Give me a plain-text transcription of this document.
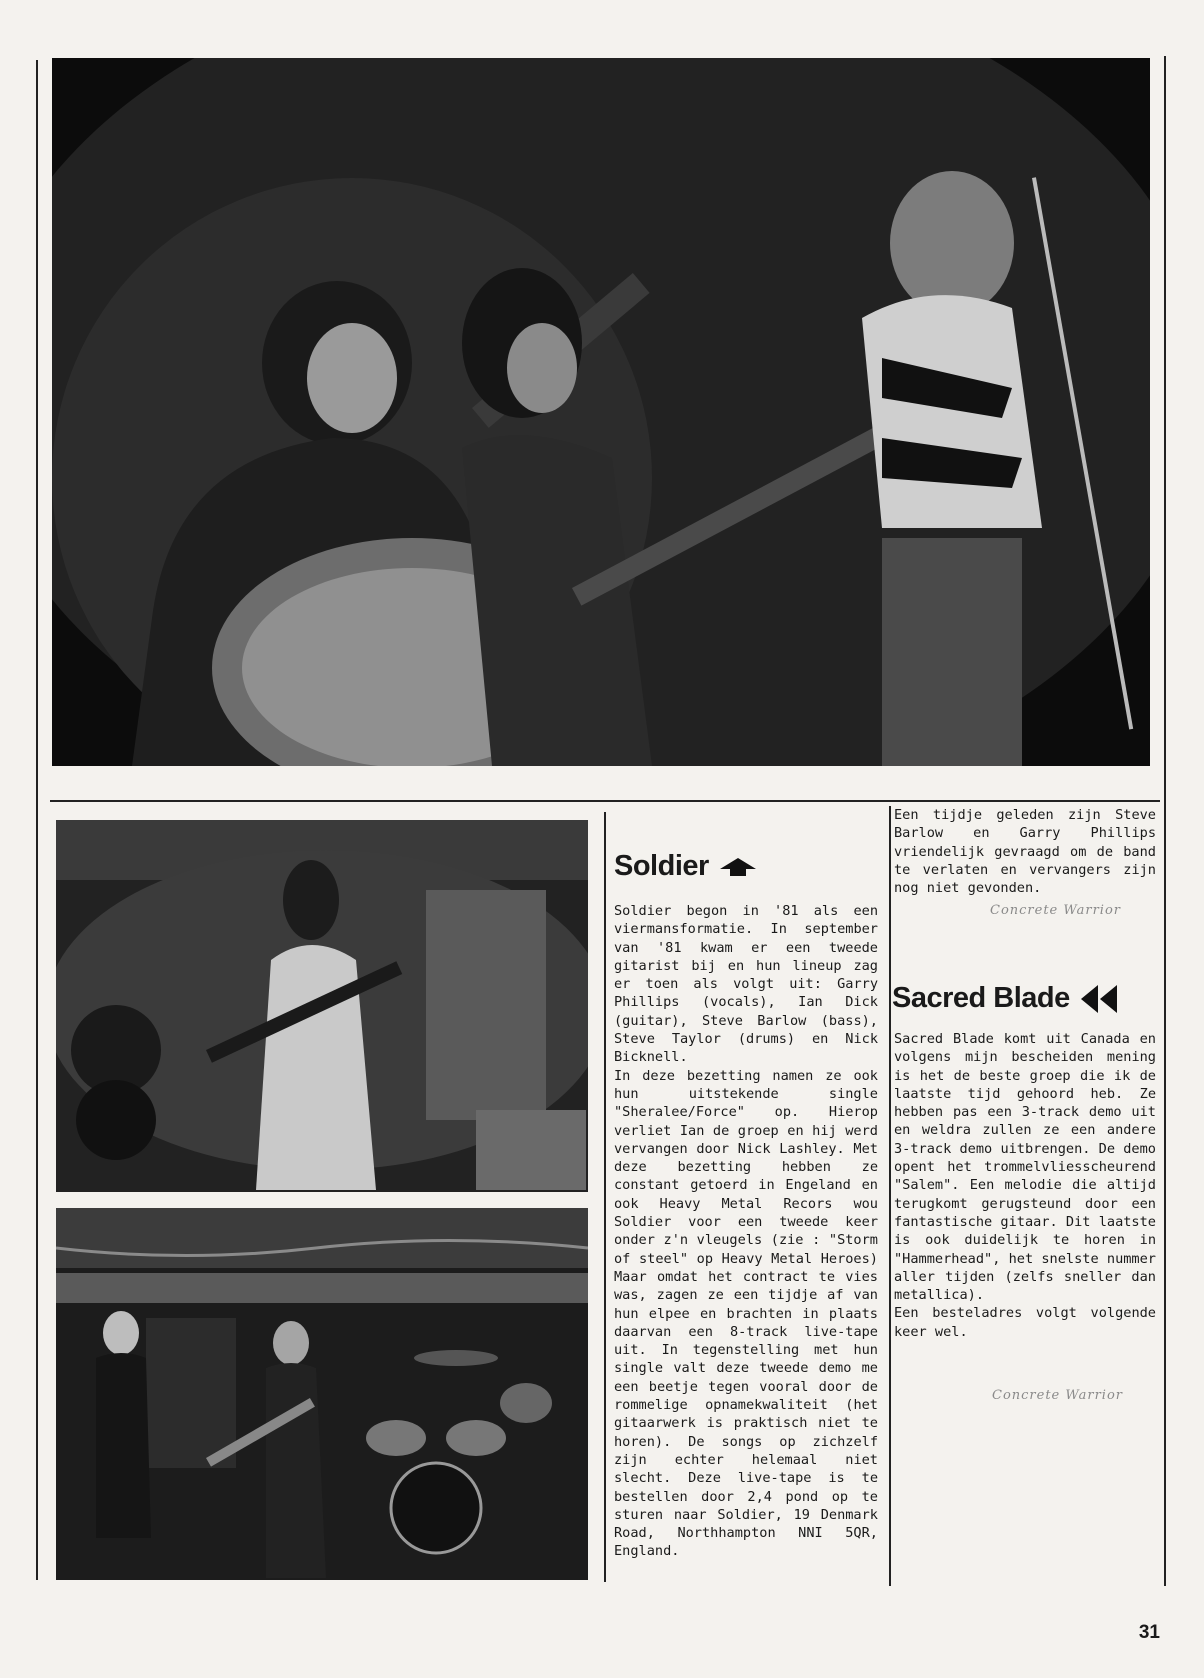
Soldier

Soldier begon in '81 als een viermansformatie. In september van '81 kwam er een tweede gitarist bij en hun lineup zag er toen als volgt uit: Garry Phillips (vocals), Ian Dick (guitar), Steve Barlow (bass), Steve Taylor (drums) en Nick Bicknell.

In deze bezetting namen ze ook hun uitstekende single "Sheralee/Force" op. Hierop verliet Ian de groep en hij werd vervangen door Nick Lashley. Met deze bezetting hebben ze constant getoerd in Engeland en ook Heavy Metal Recors wou Soldier voor een tweede keer onder z'n vleugels (zie : "Storm of steel" op Heavy Metal Heroes) Maar omdat het contract te vies was, zagen ze een tijdje af van hun elpee en brachten in plaats daarvan een 8-track live-tape uit. In tegenstelling met hun single valt deze tweede demo me een beetje tegen vooral door de rommelige opnamekwaliteit (het gitaarwerk is praktisch niet te horen). De songs op zichzelf zijn echter helemaal niet slecht. Deze live-tape is te bestellen door 2,4 pond op te sturen naar Soldier, 19 Denmark Road, Northhampton NNI 5QR, England.

Een tijdje geleden zijn Steve Barlow en Garry Phillips vriendelijk gevraagd om de band te verlaten en vervangers zijn nog niet gevonden.

Concrete Warrior
Sacred Blade

Sacred Blade komt uit Canada en volgens mijn bescheiden mening is het de beste groep die ik de laatste tijd gehoord heb. Ze hebben pas een 3-track demo uit en weldra zullen ze een andere 3-track demo uitbrengen. De demo opent het trommelvliesscheurend "Salem". Een melodie die altijd terugkomt gerugsteund door een fantastische gitaar. Dit laatste is ook duidelijk te horen in "Hammerhead", het snelste nummer aller tijden (zelfs sneller dan metallica).

Een besteladres volgt volgende keer wel.

Concrete Warrior
31
